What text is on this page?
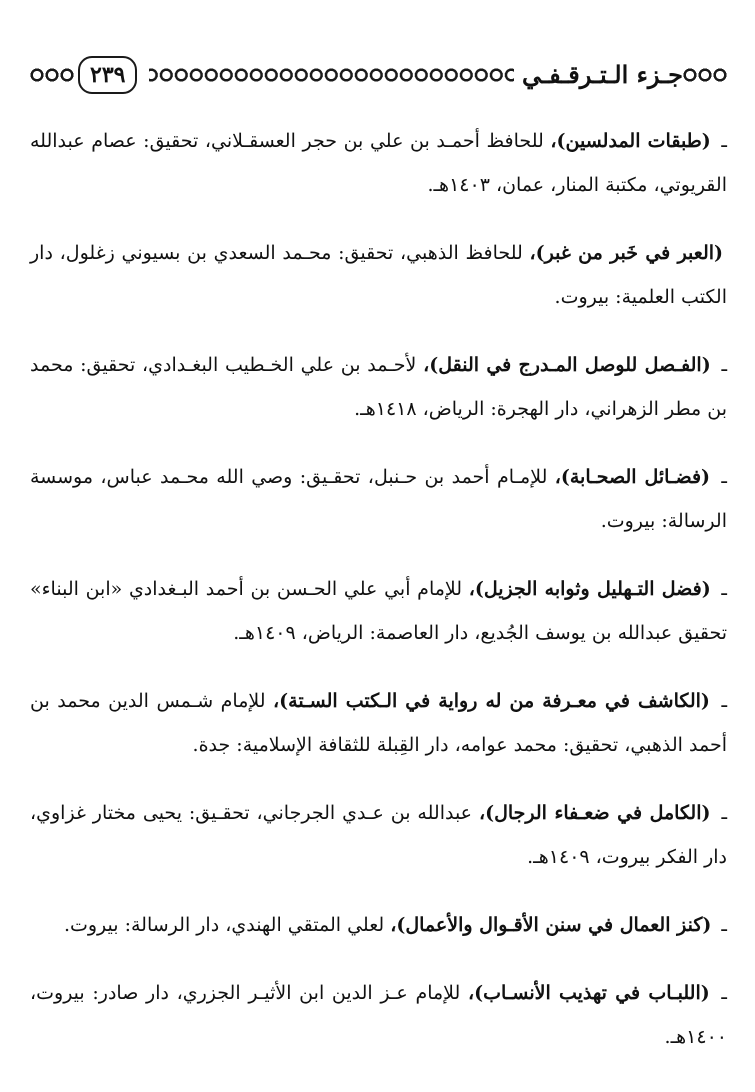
جـزء الـتـرقـفـي
٢٣٩

ـ (طبقات المدلسين)، للحافظ أحمـد بن علي بن حجر العسقـلاني، تحقيق: عصام عبدالله القريوتي، مكتبة المنار، عمان، ١٤٠٣هـ.

(العبر في خَبر من غبر)، للحافظ الذهبي، تحقيق: محـمد السعدي بن بسيوني زغلول، دار الكتب العلمية: بيروت.

ـ (الفـصل للوصل المـدرج في النقل)، لأحـمد بن علي الخـطيب البغـدادي، تحقيق: محمد بن مطر الزهراني، دار الهجرة: الرياض، ١٤١٨هـ.

ـ (فضـائل الصحـابة)، للإمـام أحمد بن حـنبل، تحقـيق: وصي الله محـمد عباس، موسسة الرسالة: بيروت.

ـ (فضل التـهليل وثوابه الجزيل)، للإمام أبي علي الحـسن بن أحمد البـغدادي «ابن البناء» تحقيق عبدالله بن يوسف الجُديع، دار العاصمة: الرياض، ١٤٠٩هـ.

ـ (الكاشف في معـرفة من له رواية في الـكتب السـتة)، للإمام شـمس الدين محمد بن أحمد الذهبي، تحقيق: محمد عوامه، دار القِبلة للثقافة الإسلامية: جدة.

ـ (الكامل في ضعـفاء الرجال)، عبدالله بن عـدي الجرجاني، تحقـيق: يحيى مختار غزاوي، دار الفكر بيروت، ١٤٠٩هـ.

ـ (كنز العمال في سنن الأقـوال والأعمال)، لعلي المتقي الهندي، دار الرسالة: بيروت.

ـ (اللبـاب في تهذيب الأنسـاب)، للإمام عـز الدين ابن الأثيـر الجزري، دار صادر: بيروت، ١٤٠٠هـ.
